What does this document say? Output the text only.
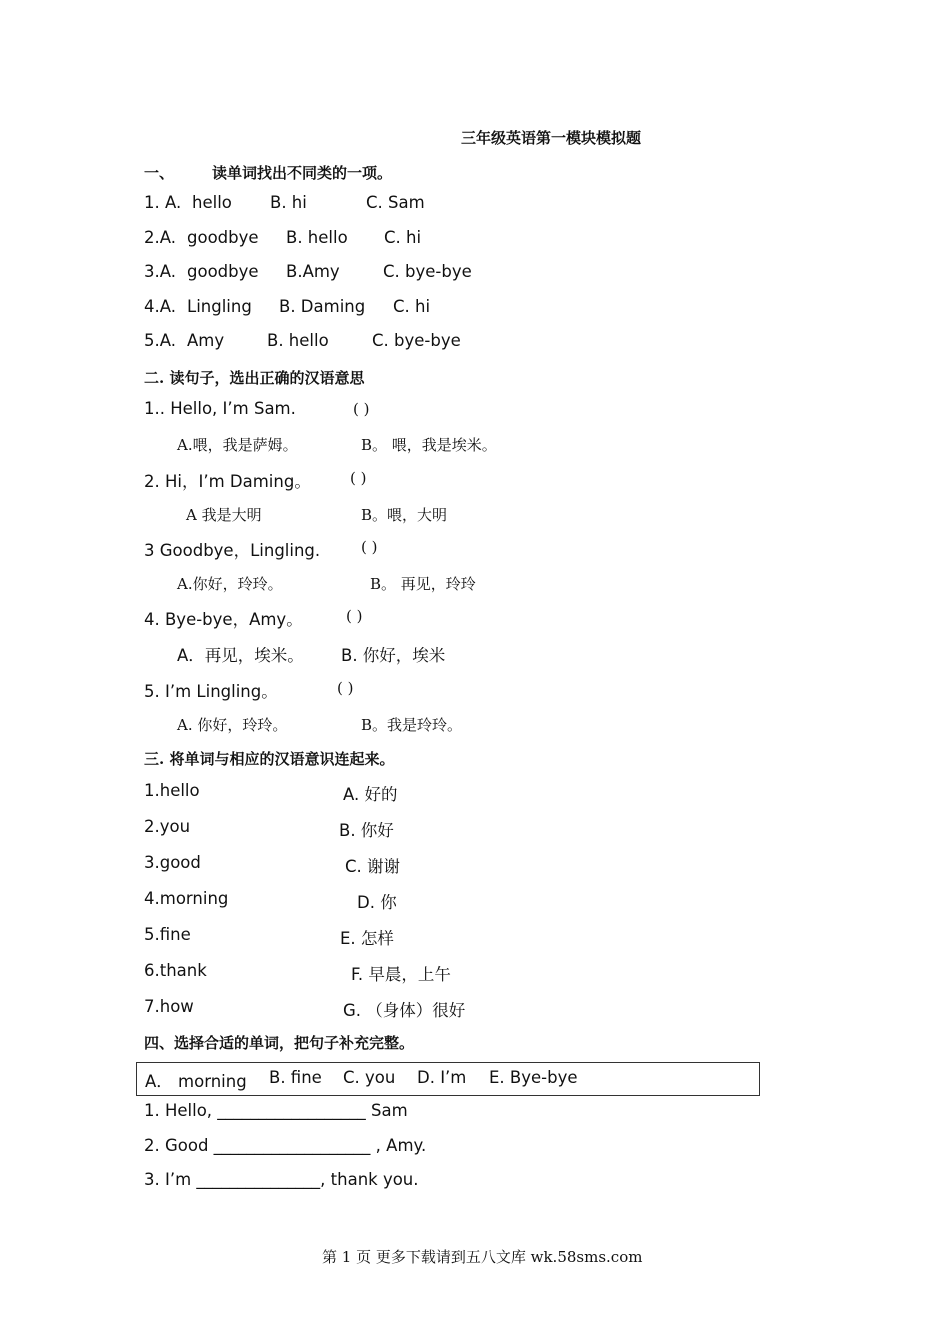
三年级英语第一模块模拟题
一、	读单词找出不同类的一项。
1. A. hello B. hi	C. Sam
2.A. goodbye B. hello C. hi
3.A. goodbye B.Amy	C. bye-bye
4.A. Lingling B. Daming C. hi
5.A. Amy	B. hello	C. bye-bye
二. 读句子，选出正确的汉语意思
1.. Hello, I’m Sam.	( )
A.喂，我是萨姆。	B。 喂，我是埃米。
2. Hi，I’m Daming。	( )
A 我是大明	B。喂，大明
3 Goodbye，Lingling.	( )
A.你好，玲玲。	B。 再见，玲玲
4. Bye-bye，Amy。	( )
A．再见，埃米。 B. 你好，埃米
5. I’m Lingling。	( )
A. 你好，玲玲。	B。我是玲玲。
三. 将单词与相应的汉语意识连起来。
1.hello	A. 好的
2.you	B. 你好
3.good	C. 谢谢
4.morning	D. 你
5.fine	E. 怎样
6.thank	F. 早晨，上午
7.how	G. （身体）很好
四、选择合适的单词，把句子补充完整。
A． morning B. fine C. you D. I’m E. Bye-bye
1. Hello, __________________ Sam
2. Good ___________________ , Amy.
3. I’m _______________, thank you.
第 1 页 更多下载请到五八文库 wk.58sms.com
